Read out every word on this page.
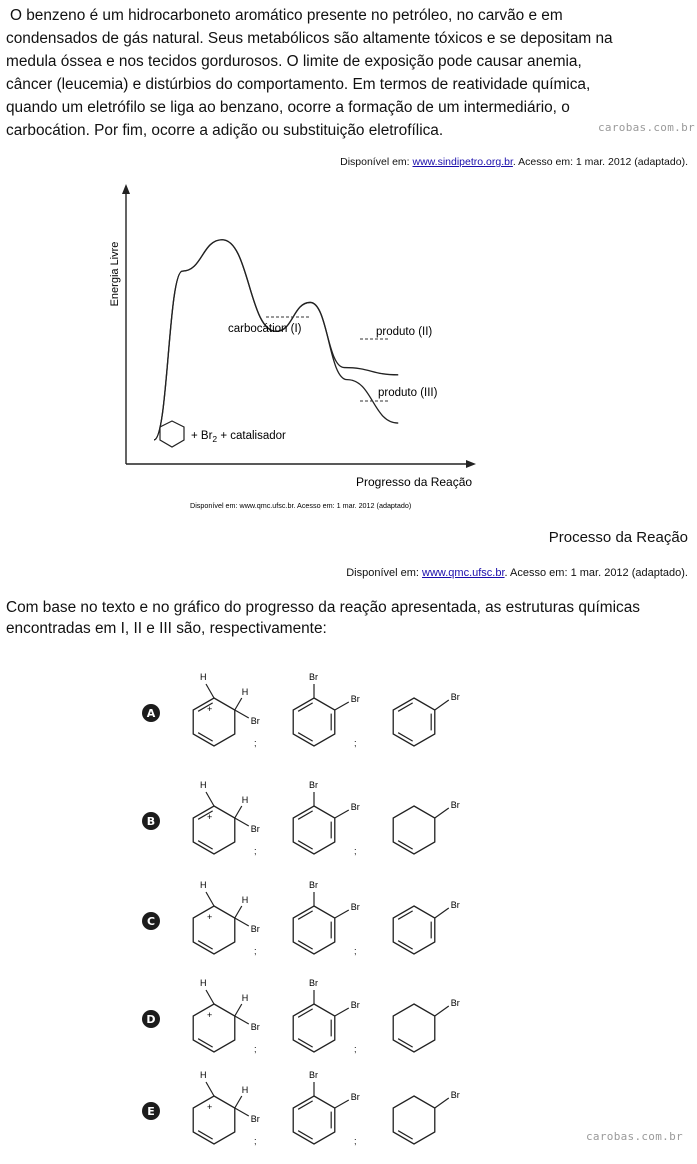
O benzeno é um hidrocarboneto aromático presente no petróleo, no carvão e em
condensados de gás natural. Seus metabólicos são altamente tóxicos e se depositam na
medula óssea e nos tecidos gordurosos. O limite de exposição pode causar anemia,
câncer (leucemia) e distúrbios do comportamento. Em termos de reatividade química,
quando um eletrófilo se liga ao benzano, ocorre a formação de um intermediário, o
carbocátion. Por fim, ocorre a adição ou substituição eletrofílica.	carobas.com.br
Disponível em: www.sindipetro.org.br. Acesso em: 1 mar. 2012 (adaptado).
Energia Livre
Progresso da Reação
carbocátion (I)	produto (II)
produto (III)
+ $Br_2$ + catalisador
Disponível em: www.qmc.ufsc.br. Acesso em: 1 mar. 2012 (adaptado)
Processo da Reação
Disponível em: www.qmc.ufsc.br. Acesso em: 1 mar. 2012 (adaptado).
Com base no texto e no gráfico do progresso da reação apresentada, as estruturas químicas encontradas em I, II e III são, respectivamente:
A
H
Br
H
+
;
Br
Br
;
Br
B
H
Br
H
+
;
Br
Br
;
Br
C
H
Br
H
+
;
Br
Br
;
Br
D
H
Br
H
+
;
Br
Br
;
Br
E
H
Br
H
+
;
Br
Br
;
Br
carobas.com.br
